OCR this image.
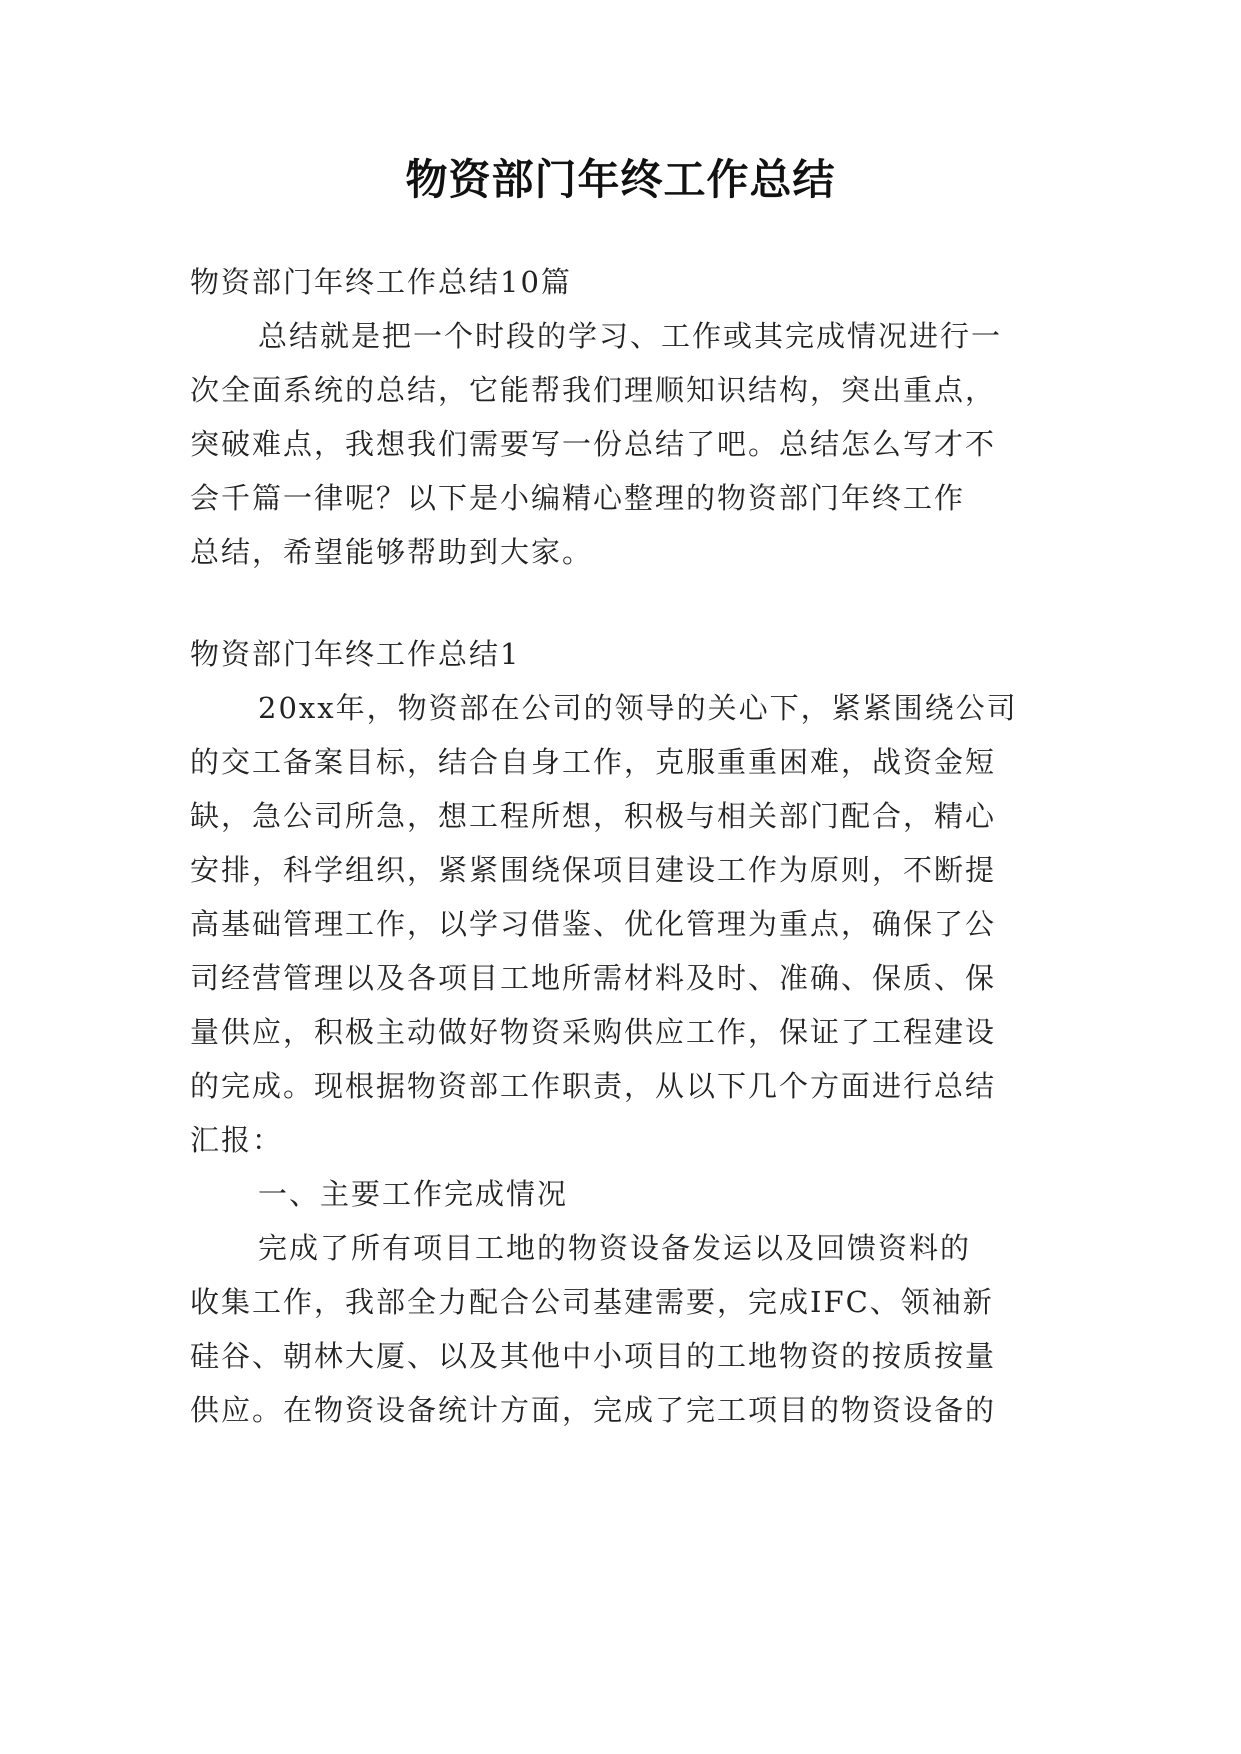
物资部门年终工作总结
物资部门年终工作总结10篇
总结就是把一个时段的学习、工作或其完成情况进行一
次全面系统的总结，它能帮我们理顺知识结构，突出重点，
突破难点，我想我们需要写一份总结了吧。总结怎么写才不
会千篇一律呢？以下是小编精心整理的物资部门年终工作
总结，希望能够帮助到大家。
物资部门年终工作总结1
20xx年，物资部在公司的领导的关心下，紧紧围绕公司
的交工备案目标，结合自身工作，克服重重困难，战资金短
缺，急公司所急，想工程所想，积极与相关部门配合，精心
安排，科学组织，紧紧围绕保项目建设工作为原则，不断提
高基础管理工作，以学习借鉴、优化管理为重点，确保了公
司经营管理以及各项目工地所需材料及时、准确、保质、保
量供应，积极主动做好物资采购供应工作，保证了工程建设
的完成。现根据物资部工作职责，从以下几个方面进行总结
汇报：
一、主要工作完成情况
完成了所有项目工地的物资设备发运以及回馈资料的
收集工作，我部全力配合公司基建需要，完成IFC、领袖新
硅谷、朝林大厦、以及其他中小项目的工地物资的按质按量
供应。在物资设备统计方面，完成了完工项目的物资设备的
